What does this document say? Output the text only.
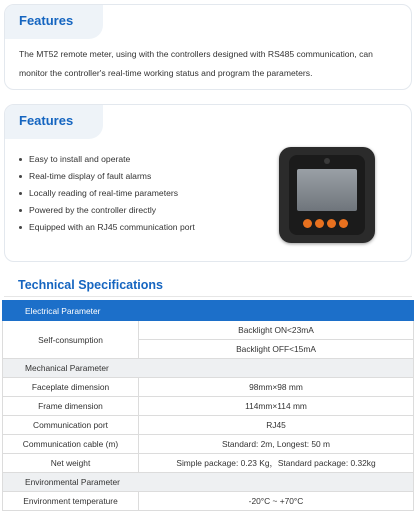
Features

The MT52 remote meter, using with the controllers designed with RS485 communication, can monitor the controller's real-time working status and program the parameters.

Features
Easy to install and operate
Real-time display of fault alarms
Locally reading of real-time parameters
Powered by the controller directly
Equipped with an RJ45 communication port
Technical Specifications
Electrical Parameter	
Self-consumption	Backlight ON<23mA
	Backlight OFF<15mA
Mechanical Parameter	
Faceplate dimension	98mm×98 mm
Frame dimension	114mm×114 mm
Communication port	RJ45
Communication cable (m)	Standard: 2m, Longest: 50 m
Net weight	Simple package: 0.23 Kg，Standard package: 0.32kg
Environmental Parameter	
Environment temperature	-20°C ~ +70°C
